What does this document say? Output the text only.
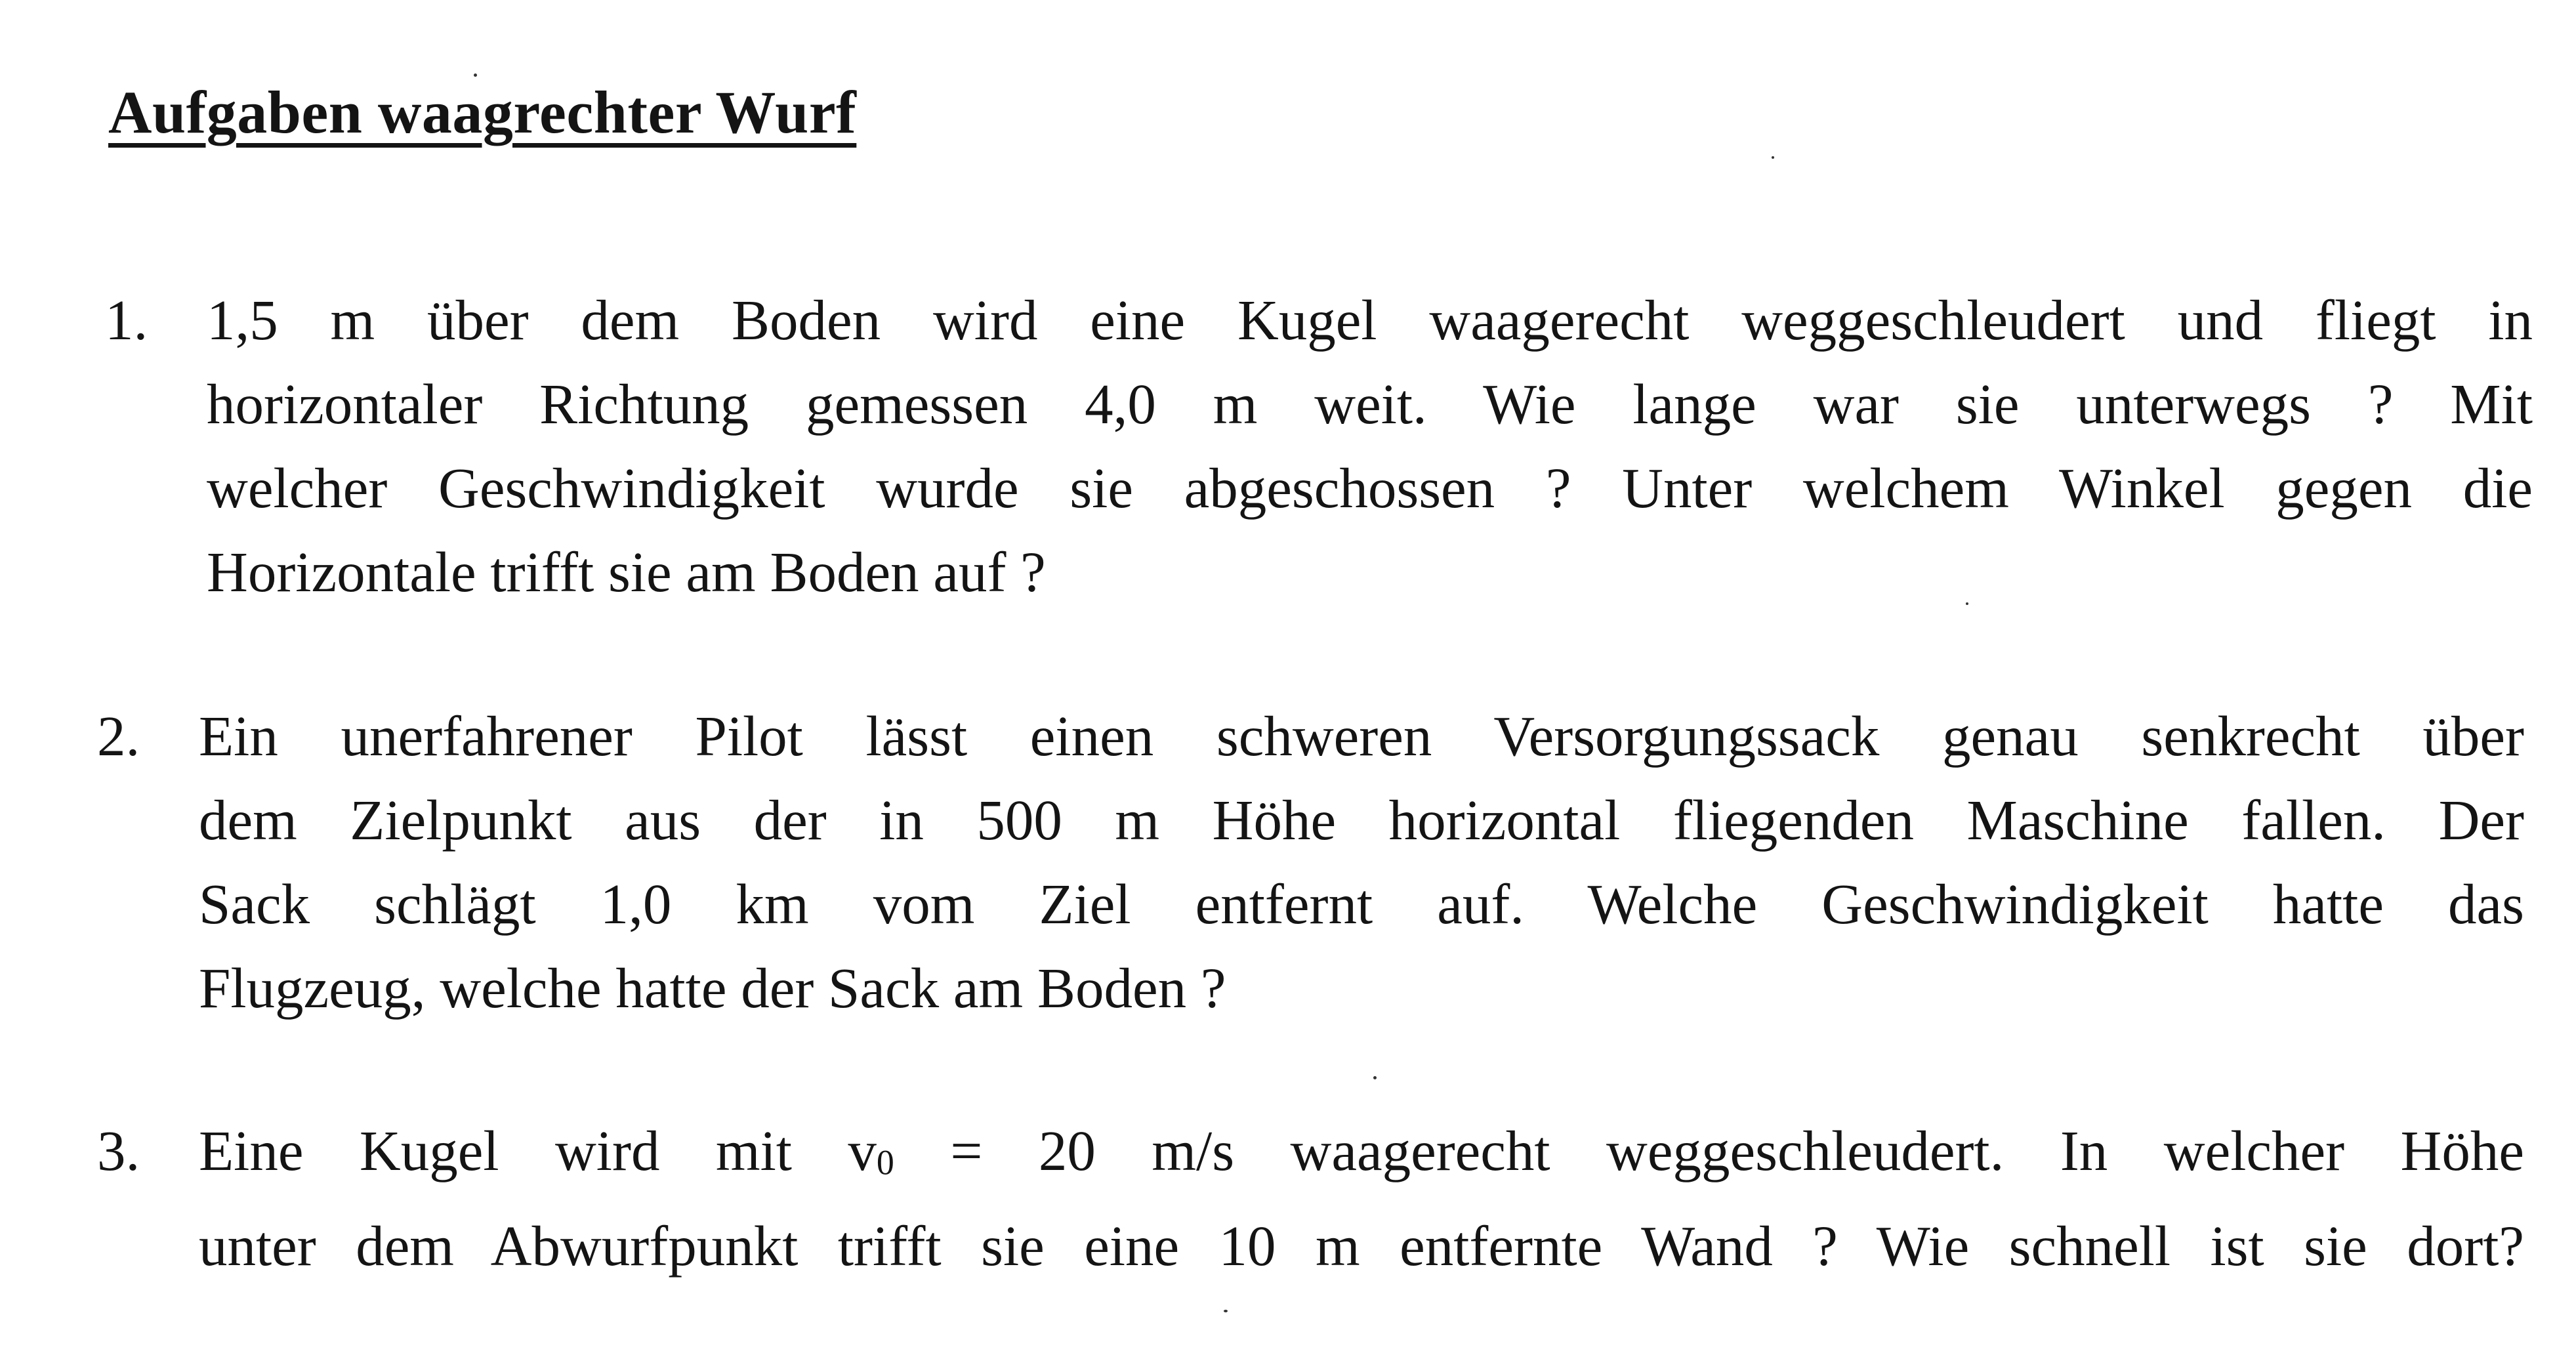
Aufgaben waagrechter Wurf
1. 1,5 m über dem Boden wird eine Kugel waagerecht weggeschleudert und fliegt in
horizontaler Richtung gemessen 4,0 m weit. Wie lange war sie unterwegs ? Mit
welcher Geschwindigkeit wurde sie abgeschossen ? Unter welchem Winkel gegen die
Horizontale trifft sie am Boden auf ?
2. Ein unerfahrener Pilot lässt einen schweren Versorgungssack genau senkrecht über
dem Zielpunkt aus der in 500 m Höhe horizontal fliegenden Maschine fallen. Der
Sack schlägt 1,0 km vom Ziel entfernt auf. Welche Geschwindigkeit hatte das
Flugzeug, welche hatte der Sack am Boden ?
3. Eine Kugel wird mit v0 = 20 m/s waagerecht weggeschleudert. In welcher Höhe
unter dem Abwurfpunkt trifft sie eine 10 m entfernte Wand ? Wie schnell ist sie dort?
